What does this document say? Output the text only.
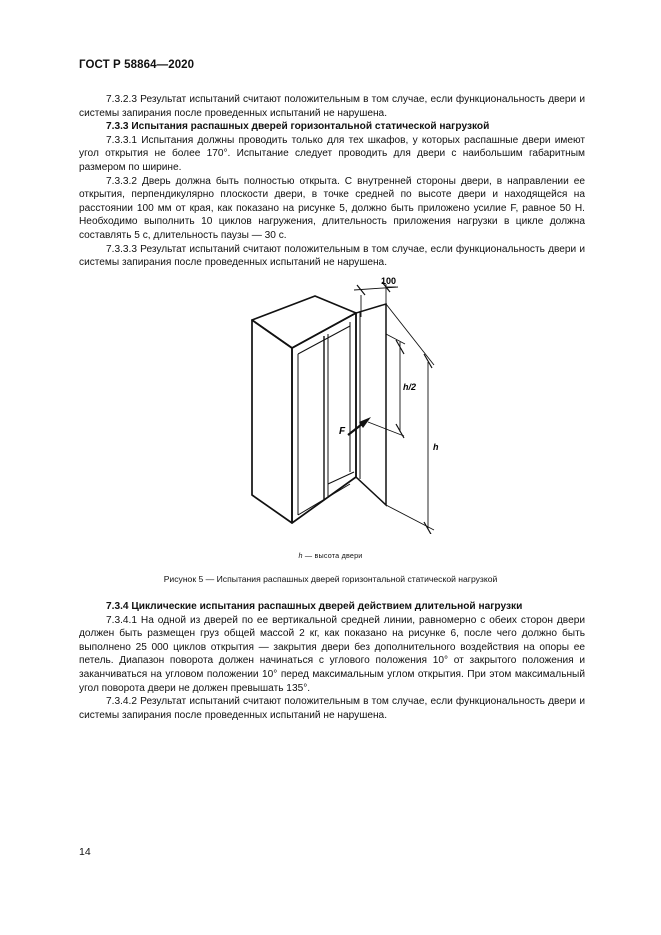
ГОСТ Р 58864—2020

7.3.2.3 Результат испытаний считают положительным в том случае, если функциональность двери и системы запирания после проведенных испытаний не нарушена.

7.3.3 Испытания распашных дверей горизонтальной статической нагрузкой

7.3.3.1 Испытания должны проводить только для тех шкафов, у которых распашные двери имеют угол открытия не более 170°. Испытание следует проводить для двери с наибольшим габаритным размером по ширине.

7.3.3.2 Дверь должна быть полностью открыта. С внутренней стороны двери, в направлении ее открытия, перпендикулярно плоскости двери, в точке средней по высоте двери и находящейся на расстоянии 100 мм от края, как показано на рисунке 5, должно быть приложено усилие F, равное 50 Н. Необходимо выполнить 10 циклов нагружения, длительность приложения нагрузки в цикле должна составлять 5 с, длительность паузы — 30 с.

7.3.3.3 Результат испытаний считают положительным в том случае, если функциональность двери и системы запирания после проведенных испытаний не нарушена.

100
h/2
h
F
h — высота двери
Рисунок 5 — Испытания распашных дверей горизонтальной статической нагрузкой

7.3.4 Циклические испытания распашных дверей действием длительной нагрузки

7.3.4.1 На одной из дверей по ее вертикальной средней линии, равномерно с обеих сторон двери должен быть размещен груз общей массой 2 кг, как показано на рисунке 6, после чего должно быть выполнено 25 000 циклов открытия — закрытия двери без дополнительного воздействия на опоры ее петель. Диапазон поворота должен начинаться с углового положения 10° от закрытого положения и заканчиваться на угловом положении 10° перед максимальным углом открытия. При этом максимальный угол поворота двери не должен превышать 135°.

7.3.4.2 Результат испытаний считают положительным в том случае, если функциональность двери и системы запирания после проведенных испытаний не нарушена.

14
